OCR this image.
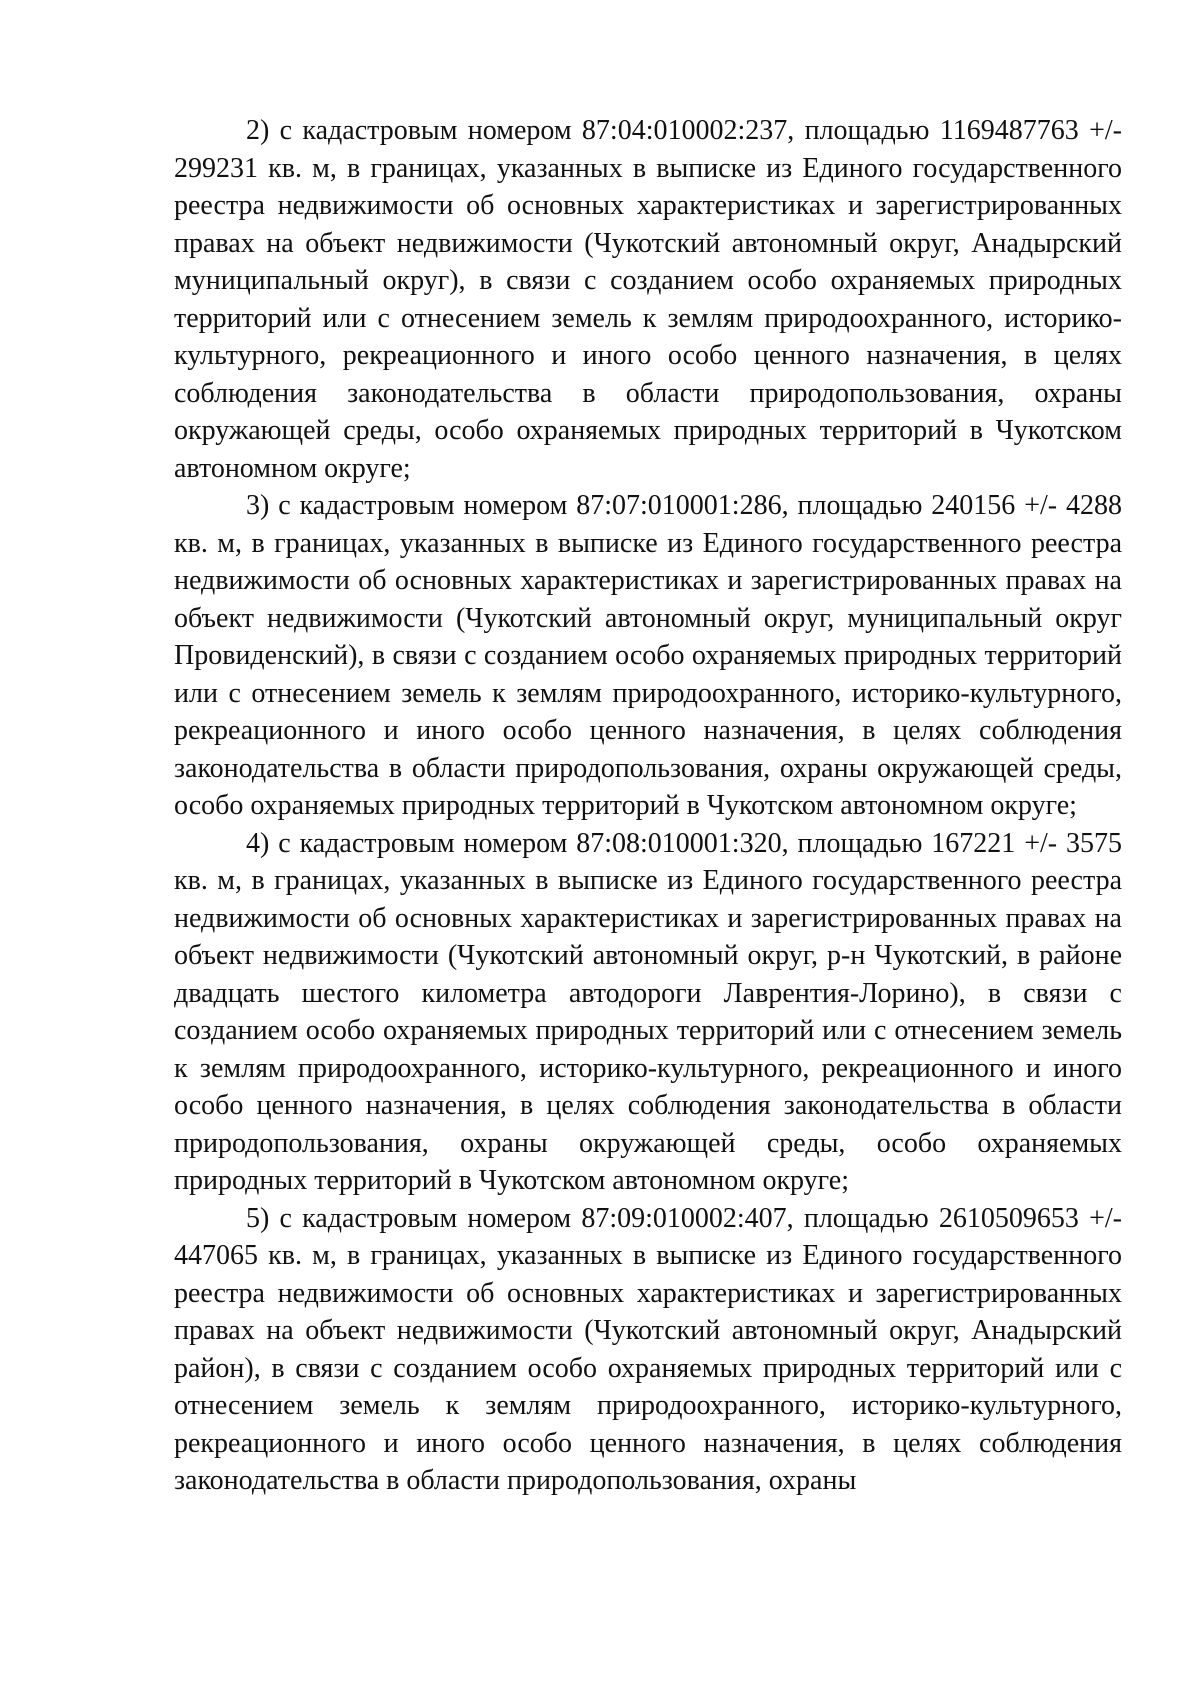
2) с кадастровым номером 87:04:010002:237, площадью 1169487763 +/- 299231 кв. м, в границах, указанных в выписке из Единого государственного реестра недвижимости об основных характеристиках и зарегистрированных правах на объект недвижимости (Чукотский автономный округ, Анадырский муниципальный округ), в связи с созданием особо охраняемых природных территорий или с отнесением земель к землям природоохранного, историко-культурного, рекреационного и иного особо ценного назначения, в целях соблюдения законодательства в области природопользования, охраны окружающей среды, особо охраняемых природных территорий в Чукотском автономном округе;

3) с кадастровым номером 87:07:010001:286, площадью 240156 +/- 4288 кв. м, в границах, указанных в выписке из Единого государственного реестра недвижимости об основных характеристиках и зарегистрированных правах на объект недвижимости (Чукотский автономный округ, муниципальный округ Провиденский), в связи с созданием особо охраняемых природных территорий или с отнесением земель к землям природоохранного, историко-культурного, рекреационного и иного особо ценного назначения, в целях соблюдения законодательства в области природопользования, охраны окружающей среды, особо охраняемых природных территорий в Чукотском автономном округе;

4) с кадастровым номером 87:08:010001:320, площадью 167221 +/- 3575 кв. м, в границах, указанных в выписке из Единого государственного реестра недвижимости об основных характеристиках и зарегистрированных правах на объект недвижимости (Чукотский автономный округ, р-н Чукотский, в районе двадцать шестого километра автодороги Лаврентия-Лорино), в связи с созданием особо охраняемых природных территорий или с отнесением земель к землям природоохранного, историко-культурного, рекреационного и иного особо ценного назначения, в целях соблюдения законодательства в области природопользования, охраны окружающей среды, особо охраняемых природных территорий в Чукотском автономном округе;

5) с кадастровым номером 87:09:010002:407, площадью 2610509653 +/- 447065 кв. м, в границах, указанных в выписке из Единого государственного реестра недвижимости об основных характеристиках и зарегистрированных правах на объект недвижимости (Чукотский автономный округ, Анадырский район), в связи с созданием особо охраняемых природных территорий или с отнесением земель к землям природоохранного, историко-культурного, рекреационного и иного особо ценного назначения, в целях соблюдения законодательства в области природопользования, охраны
